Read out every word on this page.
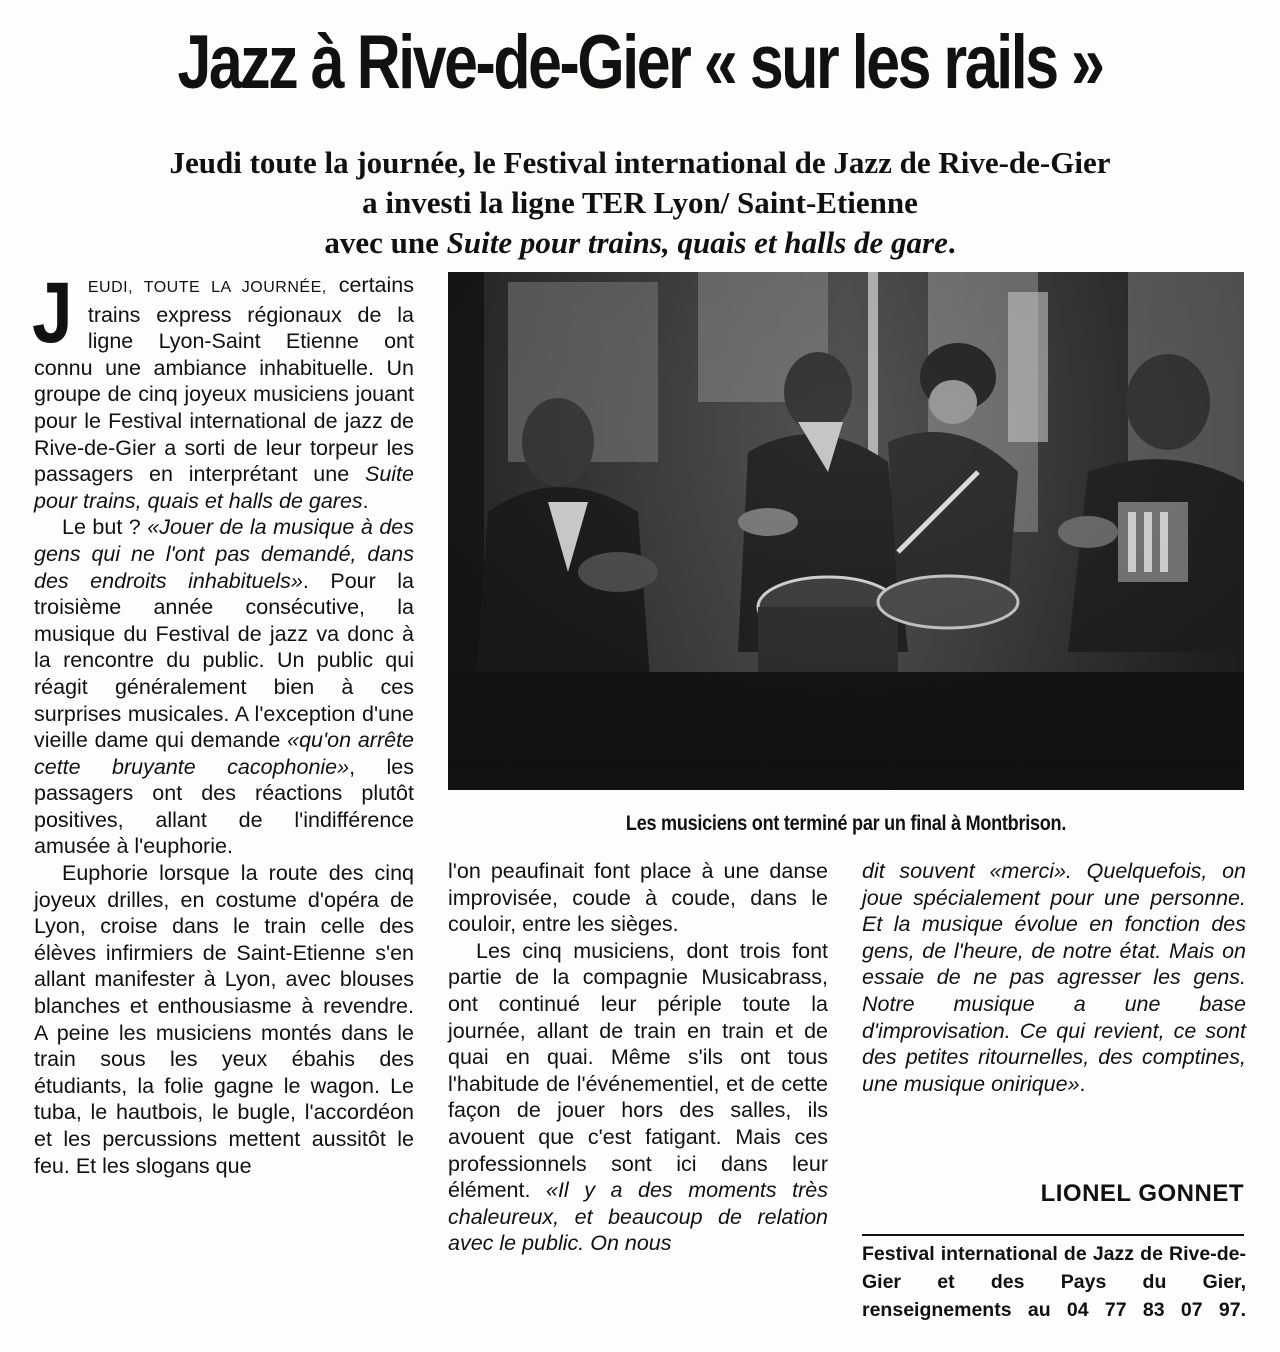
Jazz à Rive-de-Gier « sur les rails »

Jeudi toute la journée, le Festival international de Jazz de Rive-de-Gier

a investi la ligne TER Lyon/ Saint-Etienne

avec une Suite pour trains, quais et halls de gare.

JEUDI, TOUTE LA JOURNÉE, certains trains express régionaux de la ligne Lyon-Saint Etienne ont connu une ambiance inhabituelle. Un groupe de cinq joyeux musiciens jouant pour le Festival international de jazz de Rive-de-Gier a sorti de leur torpeur les passagers en interprétant une Suite pour trains, quais et halls de gares.

Le but ? «Jouer de la musique à des gens qui ne l'ont pas demandé, dans des endroits inhabituels». Pour la troisième année consécutive, la musique du Festival de jazz va donc à la rencontre du public. Un public qui réagit généralement bien à ces surprises musicales. A l'exception d'une vieille dame qui demande «qu'on arrête cette bruyante cacophonie», les passagers ont des réactions plutôt positives, allant de l'indifférence amusée à l'euphorie.

Euphorie lorsque la route des cinq joyeux drilles, en costume d'opéra de Lyon, croise dans le train celle des élèves infirmiers de Saint-Etienne s'en allant manifester à Lyon, avec blouses blanches et enthousiasme à revendre. A peine les musiciens montés dans le train sous les yeux ébahis des étudiants, la folie gagne le wagon. Le tuba, le hautbois, le bugle, l'accordéon et les percussions mettent aussitôt le feu. Et les slogans que

Les musiciens ont terminé par un final à Montbrison.

l'on peaufinait font place à une danse improvisée, coude à coude, dans le couloir, entre les sièges.

Les cinq musiciens, dont trois font partie de la compagnie Musicabrass, ont continué leur périple toute la journée, allant de train en train et de quai en quai. Même s'ils ont tous l'habitude de l'événementiel, et de cette façon de jouer hors des salles, ils avouent que c'est fatigant. Mais ces professionnels sont ici dans leur élément. «Il y a des moments très chaleureux, et beaucoup de relation avec le public. On nous

dit souvent «merci». Quelquefois, on joue spécialement pour une personne. Et la musique évolue en fonction des gens, de l'heure, de notre état. Mais on essaie de ne pas agresser les gens. Notre musique a une base d'improvisation. Ce qui revient, ce sont des petites ritournelles, des comptines, une musique onirique».

LIONEL GONNET
Festival international de Jazz de Rive-de-Gier et des Pays du Gier, renseignements au 04 77 83 07 97.
